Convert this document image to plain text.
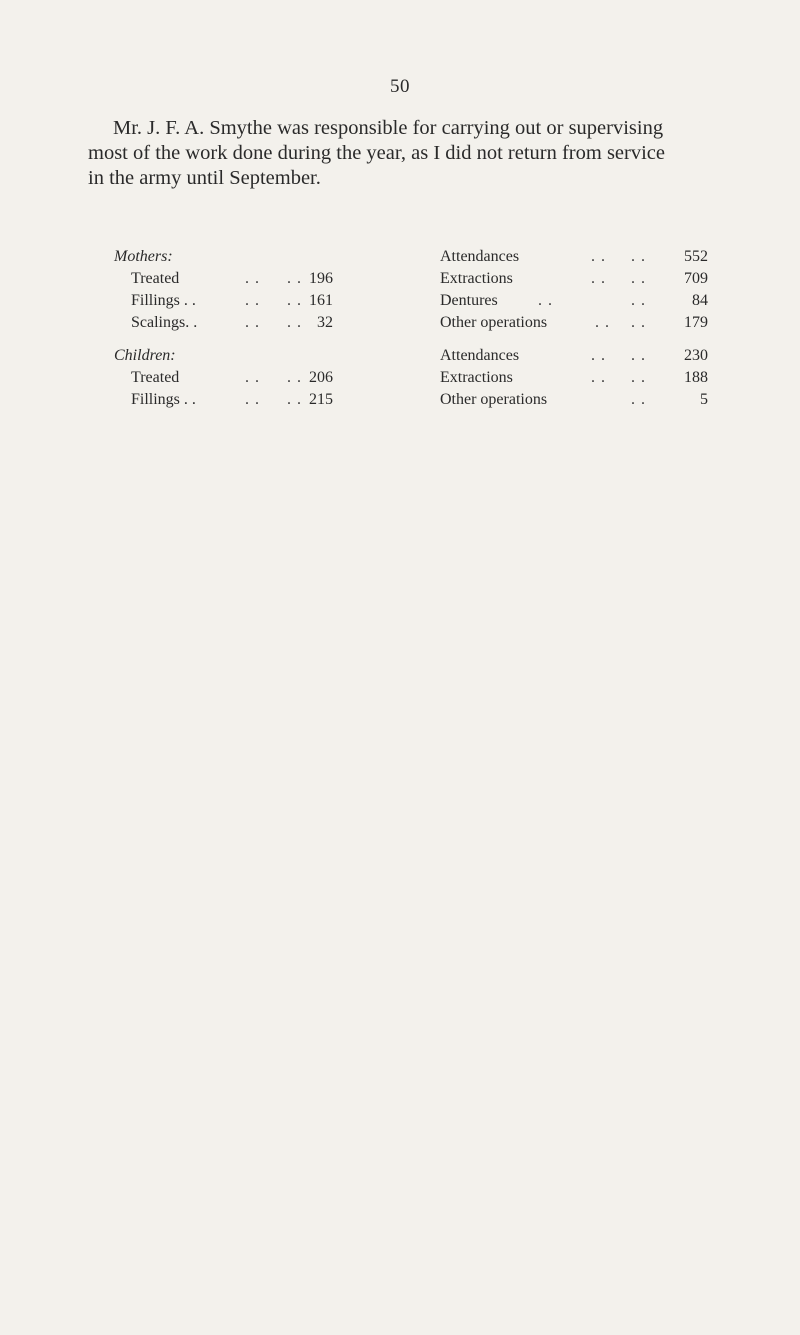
50

Mr. J. F. A. Smythe was responsible for carrying out or supervising
most of the work done during the year, as I did not return from service
in the army until September.

Mothers:	Attendances	. . . .	552
Treated	. . . . 196	Extractions	. . . .	709
Fillings . .	. . . . 161	Dentures	. .	. .	84
Scalings. .	. . . . 32	Other operations	. . . .	179
Children:	Attendances	. . . .	230
Treated	. . . . 206	Extractions	. . . .	188
Fillings . .	. . . . 215	Other operations	. .	5
